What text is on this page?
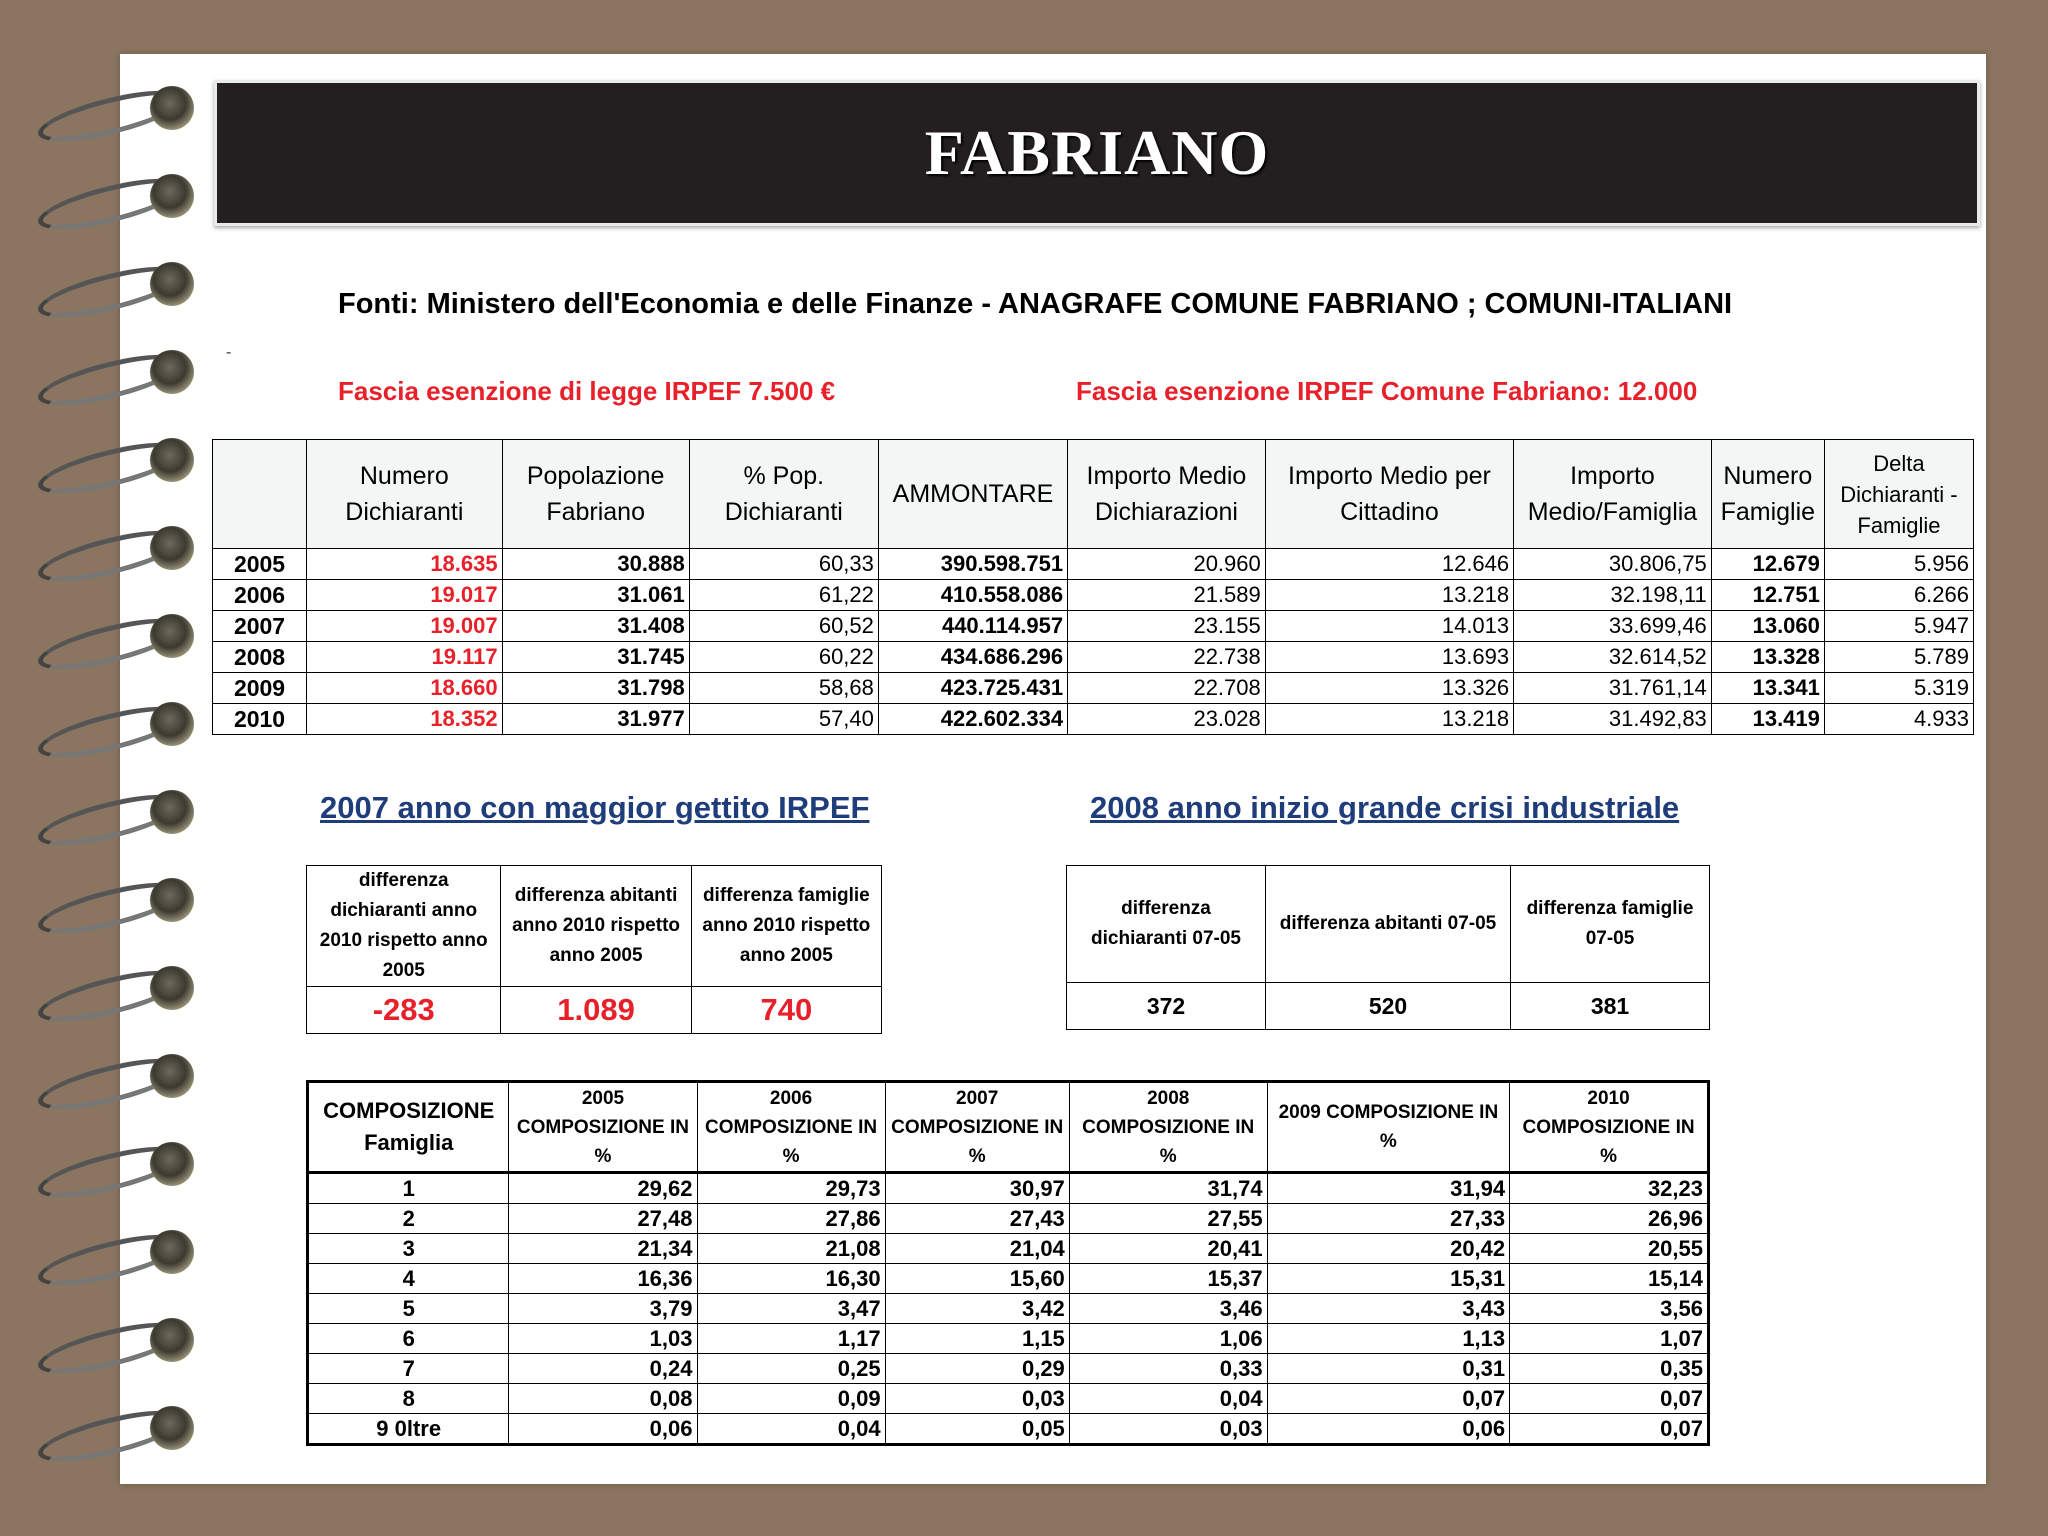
FABRIANO
Fonti: Ministero dell'Economia e delle Finanze - ANAGRAFE COMUNE FABRIANO ; COMUNI-ITALIANI
-
Fascia esenzione di legge IRPEF 7.500 €	Fascia esenzione IRPEF Comune Fabriano: 12.000
	Numero Dichiaranti	Popolazione Fabriano	% Pop. Dichiaranti	AMMONTARE	Importo Medio Dichiarazioni	Importo Medio per Cittadino	Importo Medio/Famiglia	Numero Famiglie	Delta Dichiaranti - Famiglie
2005	18.635	30.888	60,33	390.598.751	20.960	12.646	30.806,75	12.679	5.956
2006	19.017	31.061	61,22	410.558.086	21.589	13.218	32.198,11	12.751	6.266
2007	19.007	31.408	60,52	440.114.957	23.155	14.013	33.699,46	13.060	5.947
2008	19.117	31.745	60,22	434.686.296	22.738	13.693	32.614,52	13.328	5.789
2009	18.660	31.798	58,68	423.725.431	22.708	13.326	31.761,14	13.341	5.319
2010	18.352	31.977	57,40	422.602.334	23.028	13.218	31.492,83	13.419	4.933
2007 anno con maggior gettito IRPEF	2008 anno inizio grande crisi industriale
differenza dichiaranti anno 2010 rispetto anno 2005	differenza abitanti anno 2010 rispetto anno 2005	differenza famiglie anno 2010 rispetto anno 2005
-283	1.089	740
differenza dichiaranti 07-05	differenza abitanti 07-05	differenza famiglie 07-05
372	520	381
COMPOSIZIONE Famiglia	2005 COMPOSIZIONE IN %	2006 COMPOSIZIONE IN %	2007 COMPOSIZIONE IN %	2008 COMPOSIZIONE IN %	2009 COMPOSIZIONE IN %	2010 COMPOSIZIONE IN %
1	29,62	29,73	30,97	31,74	31,94	32,23
2	27,48	27,86	27,43	27,55	27,33	26,96
3	21,34	21,08	21,04	20,41	20,42	20,55
4	16,36	16,30	15,60	15,37	15,31	15,14
5	3,79	3,47	3,42	3,46	3,43	3,56
6	1,03	1,17	1,15	1,06	1,13	1,07
7	0,24	0,25	0,29	0,33	0,31	0,35
8	0,08	0,09	0,03	0,04	0,07	0,07
9 0ltre	0,06	0,04	0,05	0,03	0,06	0,07
